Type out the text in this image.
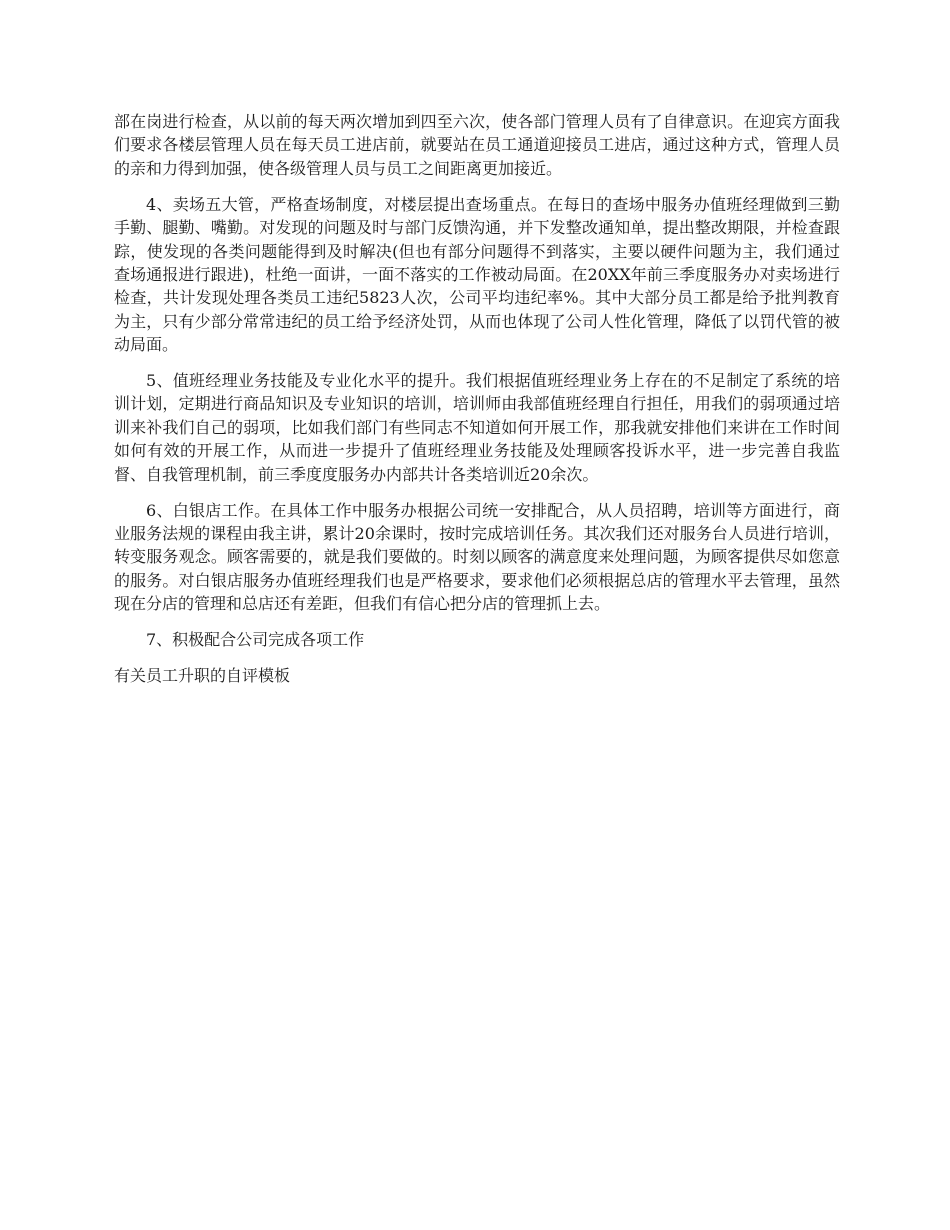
部在岗进行检查，从以前的每天两次增加到四至六次，使各部门管理人员有了自律意识。在迎宾方面我们要求各楼层管理人员在每天员工进店前，就要站在员工通道迎接员工进店，通过这种方式，管理人员的亲和力得到加强，使各级管理人员与员工之间距离更加接近。

4、卖场五大管，严格查场制度，对楼层提出查场重点。在每日的查场中服务办值班经理做到三勤手勤、腿勤、嘴勤。对发现的问题及时与部门反馈沟通，并下发整改通知单，提出整改期限，并检查跟踪，使发现的各类问题能得到及时解决(但也有部分问题得不到落实，主要以硬件问题为主，我们通过查场通报进行跟进)，杜绝一面讲，一面不落实的工作被动局面。在20XX年前三季度服务办对卖场进行检查，共计发现处理各类员工违纪5823人次，公司平均违纪率%。其中大部分员工都是给予批判教育为主，只有少部分常常违纪的员工给予经济处罚，从而也体现了公司人性化管理，降低了以罚代管的被动局面。

5、值班经理业务技能及专业化水平的提升。我们根据值班经理业务上存在的不足制定了系统的培训计划，定期进行商品知识及专业知识的培训，培训师由我部值班经理自行担任，用我们的弱项通过培训来补我们自己的弱项，比如我们部门有些同志不知道如何开展工作，那我就安排他们来讲在工作时间如何有效的开展工作，从而进一步提升了值班经理业务技能及处理顾客投诉水平，进一步完善自我监督、自我管理机制，前三季度度服务办内部共计各类培训近20余次。

6、白银店工作。在具体工作中服务办根据公司统一安排配合，从人员招聘，培训等方面进行，商业服务法规的课程由我主讲，累计20余课时，按时完成培训任务。其次我们还对服务台人员进行培训，转变服务观念。顾客需要的，就是我们要做的。时刻以顾客的满意度来处理问题，为顾客提供尽如您意的服务。对白银店服务办值班经理我们也是严格要求，要求他们必须根据总店的管理水平去管理，虽然现在分店的管理和总店还有差距，但我们有信心把分店的管理抓上去。

7、积极配合公司完成各项工作

有关员工升职的自评模板
